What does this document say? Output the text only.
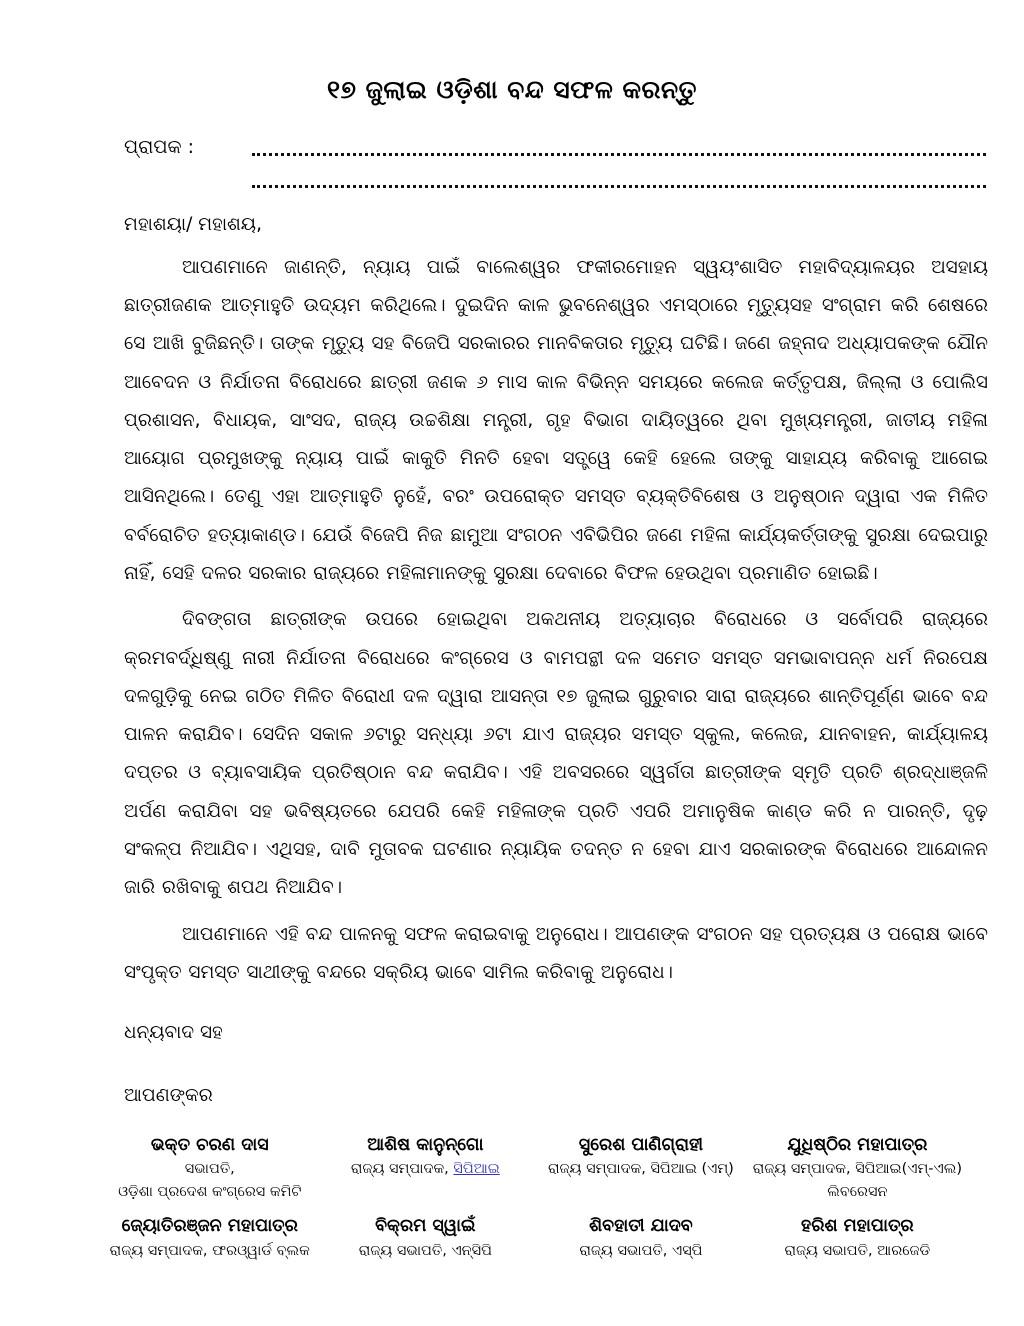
୧୭ ଜୁଲାଇ ଓଡ଼ିଶା ବନ୍ଦ ସଫଳ କରନ୍ତୁ
ପ୍ରାପକ :
ମହାଶୟା/ ମହାଶୟ,

ଆପଣମାନେ ଜାଣନ୍ତି, ନ୍ୟାୟ ପାଇଁ ବାଲେଶ୍ୱର ଫକୀରମୋହନ ସ୍ୱୟଂଶାସିତ ମହାବିଦ୍ୟାଳୟର ଅସହାୟ ଛାତ୍ରୀଜଣକ ଆତ୍ମାହୁତି ଉଦ୍ୟମ କରିଥିଲେ। ଦୁଇଦିନ କାଳ ଭୁବନେଶ୍ୱର ଏମସ୍‌ଠାରେ ମୃତ୍ୟୁସହ ସଂଗ୍ରାମ କରି ଶେଷରେ ସେ ଆଖି ବୁଜିଛନ୍ତି। ତାଙ୍କ ମୃତ୍ୟୁ ସହ ବିଜେପି ସରକାରର ମାନବିକତାର ମୃତ୍ୟୁ ଘଟିଛି। ଜଣେ ଜହ୍ନାଦ ଅଧ୍ୟାପକଙ୍କ ଯୌନ ଆବେଦନ ଓ ନିର୍ଯାତନା ବିରୋଧରେ ଛାତ୍ରୀ ଜଣକ ୬ ମାସ କାଳ ବିଭିନ୍ନ ସମୟରେ କଲେଜ କର୍ତ୍ତୃପକ୍ଷ, ଜିଲ୍ଲା ଓ ପୋଲିସ ପ୍ରଶାସନ, ବିଧାୟକ, ସାଂସଦ, ରାଜ୍ୟ ଉଚ୍ଚଶିକ୍ଷା ମନ୍ତ୍ରୀ, ଗୃହ ବିଭାଗ ଦାୟିତ୍ୱରେ ଥିବା ମୁଖ୍ୟମନ୍ତ୍ରୀ, ଜାତୀୟ ମହିଳା ଆୟୋଗ ପ୍ରମୁଖଙ୍କୁ ନ୍ୟାୟ ପାଇଁ କାକୁତି ମିନତି ହେବା ସତ୍ତ୍ୱେ କେହି ହେଲେ ତାଙ୍କୁ ସାହାଯ୍ୟ କରିବାକୁ ଆଗେଇ ଆସିନଥିଲେ। ତେଣୁ ଏହା ଆତ୍ମାହୁତି ନୁହେଁ, ବରଂ ଉପରୋକ୍ତ ସମସ୍ତ ବ୍ୟକ୍ତିବିଶେଷ ଓ ଅନୁଷ୍ଠାନ ଦ୍ୱାରା ଏକ ମିଳିତ ବର୍ବରୋଚିତ ହତ୍ୟାକାଣ୍ଡ। ଯେଉଁ ବିଜେପି ନିଜ ଛାମୁଆ ସଂଗଠନ ଏବିଭିପିର ଜଣେ ମହିଳା କାର୍ଯ୍ୟକର୍ତ୍ତାଙ୍କୁ ସୁରକ୍ଷା ଦେଇପାରୁ ନାହିଁ, ସେହି ଦଳର ସରକାର ରାଜ୍ୟରେ ମହିଳାମାନଙ୍କୁ ସୁରକ୍ଷା ଦେବାରେ ବିଫଳ ହେଉଥିବା ପ୍ରମାଣିତ ହୋଇଛି।

ଦିବଙ୍ଗତା ଛାତ୍ରୀଙ୍କ ଉପରେ ହୋଇଥିବା ଅକଥନୀୟ ଅତ୍ୟାଚାର ବିରୋଧରେ ଓ ସର୍ବୋପରି ରାଜ୍ୟରେ କ୍ରମବର୍ଦ୍ଧିଷ୍ଣୁ ନାରୀ ନିର୍ଯାତନା ବିରୋଧରେ କଂଗ୍ରେସ ଓ ବାମପନ୍ଥୀ ଦଳ ସମେତ ସମସ୍ତ ସମଭାବାପନ୍ନ ଧର୍ମ ନିରପେକ୍ଷ ଦଳଗୁଡ଼ିକୁ ନେଇ ଗଠିତ ମିଳିତ ବିରୋଧୀ ଦଳ ଦ୍ୱାରା ଆସନ୍ତା ୧୭ ଜୁଲାଇ ଗୁରୁବାର ସାରା ରାଜ୍ୟରେ ଶାନ୍ତିପୂର୍ଣ୍ଣ ଭାବେ ବନ୍ଦ ପାଳନ କରାଯିବ। ସେଦିନ ସକାଳ ୬ଟାରୁ ସନ୍ଧ୍ୟା ୬ଟା ଯାଏ ରାଜ୍ୟର ସମସ୍ତ ସ୍କୁଲ, କଲେଜ, ଯାନବାହନ, କାର୍ଯ୍ୟାଳୟ ଦପ୍ତର ଓ ବ୍ୟାବସାୟିକ ପ୍ରତିଷ୍ଠାନ ବନ୍ଦ କରାଯିବ। ଏହି ଅବସରରେ ସ୍ୱର୍ଗତା ଛାତ୍ରୀଙ୍କ ସ୍ମୃତି ପ୍ରତି ଶ୍ରଦ୍ଧାଞ୍ଜଳି ଅର୍ପଣ କରାଯିବା ସହ ଭବିଷ୍ୟତରେ ଯେପରି କେହି ମହିଳାଙ୍କ ପ୍ରତି ଏପରି ଅମାନୁଷିକ କାଣ୍ଡ କରି ନ ପାରନ୍ତି, ଦୃଢ଼ ସଂକଳ୍ପ ନିଆଯିବ। ଏଥିସହ, ଦାବି ମୁତାବକ ଘଟଣାର ନ୍ୟାୟିକ ତଦନ୍ତ ନ ହେବା ଯାଏ ସରକାରଙ୍କ ବିରୋଧରେ ଆନ୍ଦୋଳନ ଜାରି ରଖିବାକୁ ଶପଥ ନିଆଯିବ।

ଆପଣମାନେ ଏହି ବନ୍ଦ ପାଳନକୁ ସଫଳ କରାଇବାକୁ ଅନୁରୋଧ। ଆପଣଙ୍କ ସଂଗଠନ ସହ ପ୍ରତ୍ୟକ୍ଷ ଓ ପରୋକ୍ଷ ଭାବେ ସଂପୃକ୍ତ ସମସ୍ତ ସାଥୀଙ୍କୁ ବନ୍ଦରେ ସକ୍ରିୟ ଭାବେ ସାମିଲ କରିବାକୁ ଅନୁରୋଧ।

ଧନ୍ୟବାଦ ସହ
ଆପଣଙ୍କର
ଭକ୍ତ ଚରଣ ଦାସ
ସଭାପତି,
ଓଡ଼ିଶା ପ୍ରଦେଶ କଂଗ୍ରେସ କମିଟି
ଆଶିଷ କାନୁନ୍‌ଗୋ
ରାଜ୍ୟ ସମ୍ପାଦକ, ସିପିଆଇ
ସୁରେଶ ପାଣିଗ୍ରାହୀ
ରାଜ୍ୟ ସମ୍ପାଦକ, ସିପିଆଇ (ଏମ୍‌)
ଯୁଧିଷ୍ଠିର ମହାପାତ୍ର
ରାଜ୍ୟ ସମ୍ପାଦକ, ସିପିଆଇ(ଏମ୍‌-ଏଲ)
ଲିବରେସନ
ଜ୍ୟୋତିରଞ୍ଜନ ମହାପାତ୍ର
ରାଜ୍ୟ ସମ୍ପାଦକ, ଫରଓ୍ୱାର୍ଡ ବ୍ଲକ
ବିକ୍ରମ ସ୍ୱାଇଁ
ରାଜ୍ୟ ସଭାପତି, ଏନ୍‌ସିପି
ଶିବହାତୀ ଯାଦବ
ରାଜ୍ୟ ସଭାପତି, ଏସ୍‌ପି
ହରିଶ ମହାପାତ୍ର
ରାଜ୍ୟ ସଭାପତି, ଆରଜେଡି
